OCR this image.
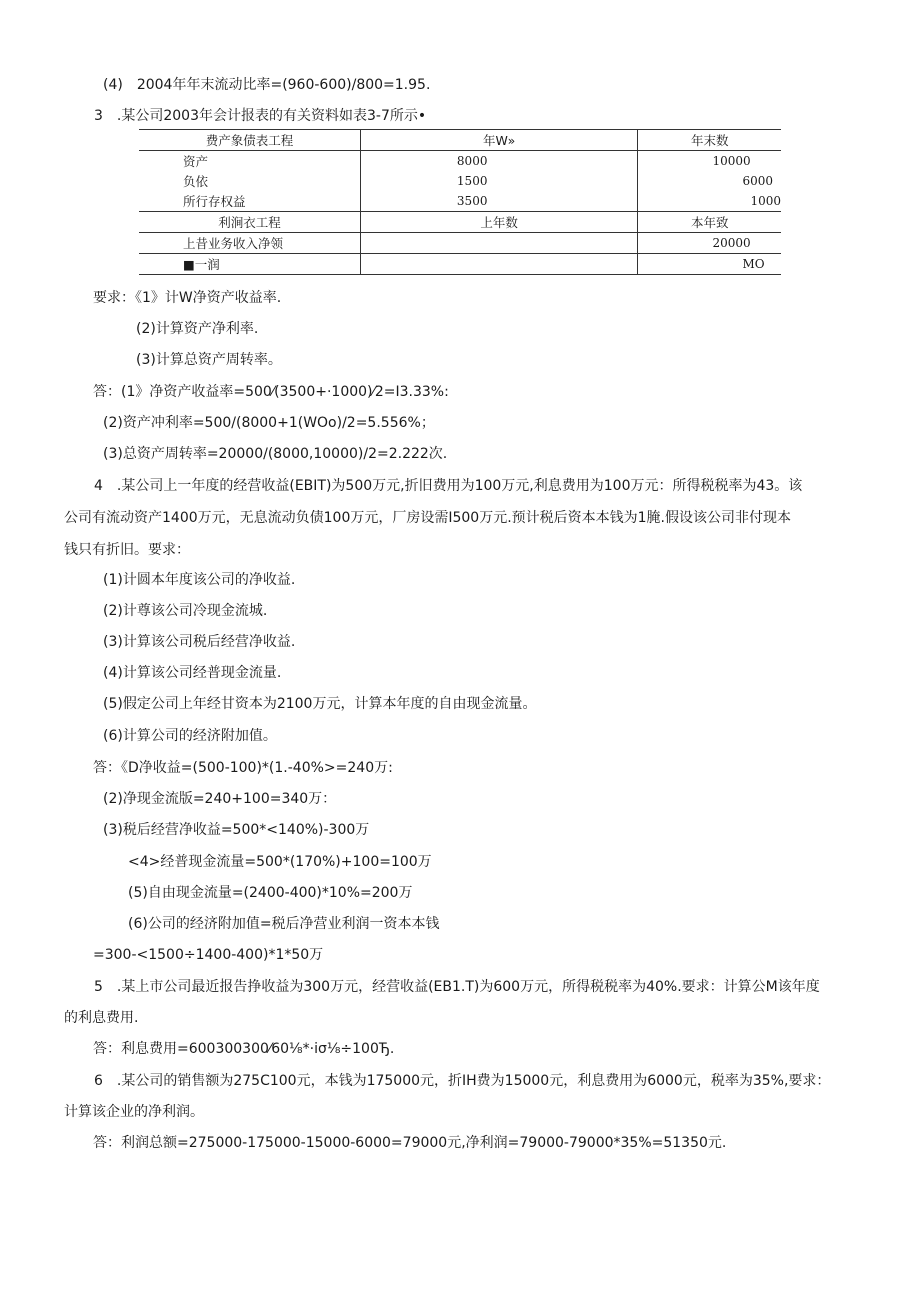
(4)　2004年年末流动比率=(960-600)/800=1.95.
3　.某公司2003年会计报表的有关资料如表3-7所示•
费产象债表工程	年W»	年末数
资产	8000	10000
负依	1500	6000
所行存权益	3500	1000
利涧衣工程	上年数	本年致
上昔业务收入净领		20000
■一润		MO
要求：《1》计W净资产收益率.
(2)计算资产净利率.
(3)计算总资产周转率。
答：(1》净资产收益率=500⁄(3500+·1000)⁄2=I3.33%:
(2)资产冲利率=500/(8000+1(WOo)/2=5.556%；
(3)总资产周转率=20000/(8000,10000)/2=2.222次.
4　.某公司上一年度的经营收益(EBIT)为500万元,折旧费用为100万元,利息费用为100万元：所得税税率为43。该
公司有流动资产1400万元，无息流动负债100万元，厂房设需I500万元.预计税后资本本钱为1腌.假设该公司非付现本
钱只有折旧。要求：
(1)计圆本年度该公司的净收益.
(2)计尊该公司冷现金流城.
(3)计算该公司税后经营净收益.
(4)计算该公司经普现金流量.
(5)假定公司上年经甘资本为2100万元，计算本年度的自由现金流量。
(6)计算公司的经济附加值。
答：《D净收益=(500-100)*(1.-40%>=240万:
(2)净现金流版=240+100=340万：
(3)税后经营净收益=500*<140%)-300万
<4>经普现金流量=500*(170%)+100=100万
(5)自由现金流量=(2400-400)*10%=200万
(6)公司的经济附加值=税后净营业利润一资本本钱
=300-<1500÷1400-400)*1*50万
5　.某上市公司最近报告挣收益为300万元，经营收益(EB1.T)为600万元，所得税税率为40%.要求：计算公M该年度
的利息费用.
答：利息费用=600300300⁄60⅛*·iσ⅛÷100Ђ.
6　.某公司的销售额为275C100元，本钱为175000元，折IH费为15000元，利息费用为6000元，税率为35%,要求：
计算该企业的净利润。
答：利润总额=275000-175000-15000-6000=79000元,净利润=79000-79000*35%=51350元.
